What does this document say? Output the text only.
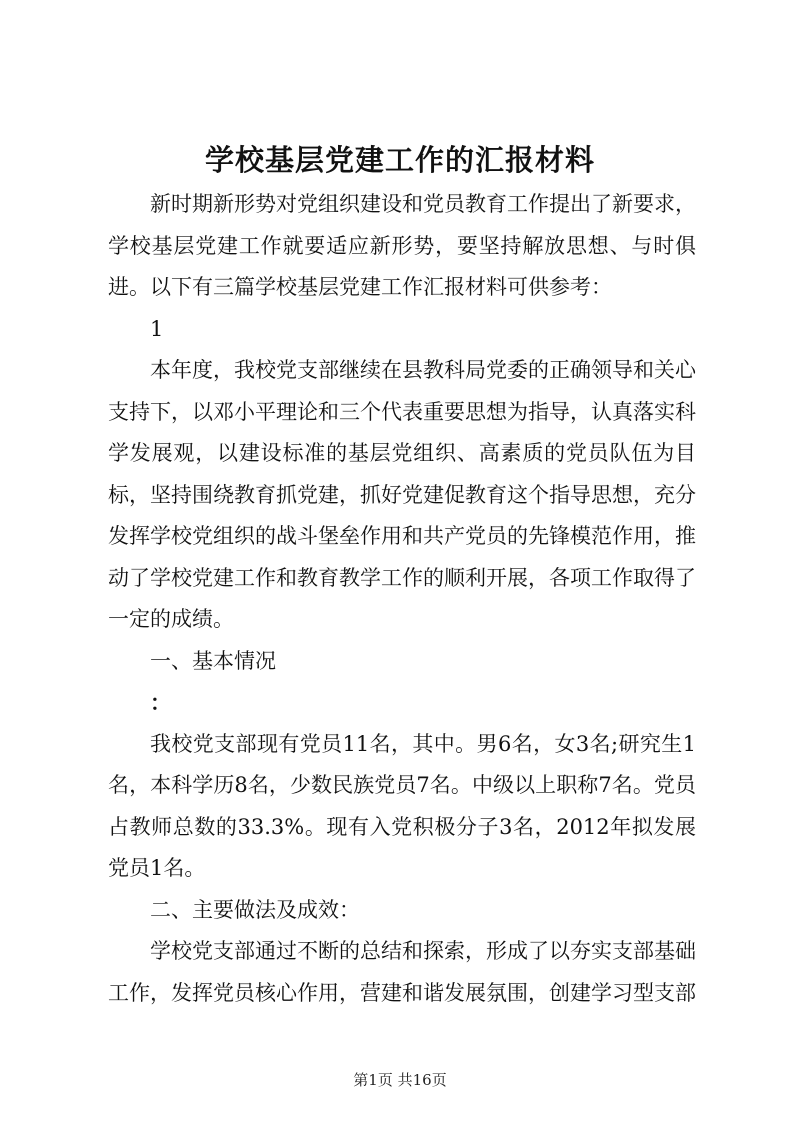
学校基层党建工作的汇报材料

新时期新形势对党组织建设和党员教育工作提出了新要求，学校基层党建工作就要适应新形势，要坚持解放思想、与时俱进。以下有三篇学校基层党建工作汇报材料可供参考：

1

本年度，我校党支部继续在县教科局党委的正确领导和关心支持下，以邓小平理论和三个代表重要思想为指导，认真落实科学发展观，以建设标准的基层党组织、高素质的党员队伍为目标，坚持围绕教育抓党建，抓好党建促教育这个指导思想，充分发挥学校党组织的战斗堡垒作用和共产党员的先锋模范作用，推动了学校党建工作和教育教学工作的顺利开展，各项工作取得了一定的成绩。

一、基本情况

：

我校党支部现有党员11名，其中。男6名，女3名;研究生1名，本科学历8名，少数民族党员7名。中级以上职称7名。党员占教师总数的33.3%。现有入党积极分子3名，2012年拟发展党员1名。

二、主要做法及成效：

学校党支部通过不断的总结和探索，形成了以夯实支部基础工作，发挥党员核心作用，营建和谐发展氛围，创建学习型支部

第1页 共16页
